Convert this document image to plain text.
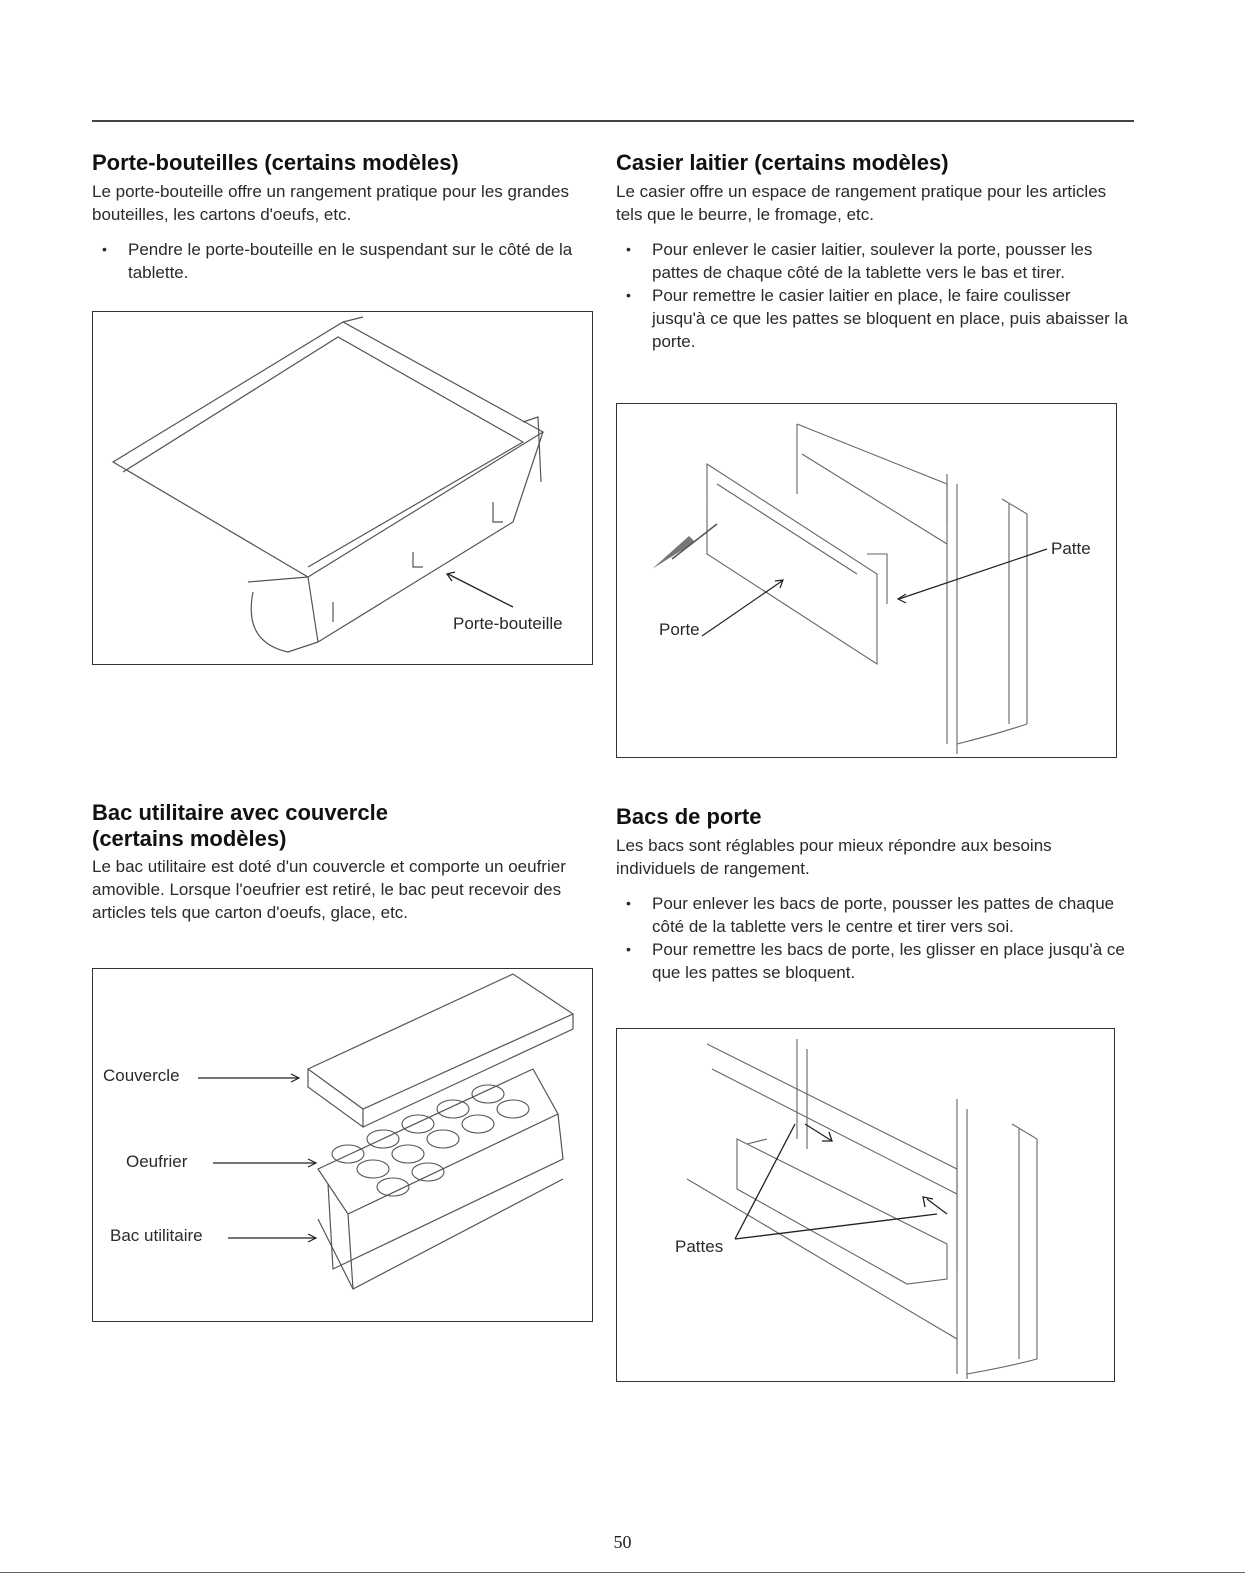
Porte-bouteilles (certains modèles)

Le porte-bouteille offre un rangement pratique pour les grandes bouteilles, les cartons d'oeufs, etc.

• Pendre le porte-bouteille en le suspendant sur le côté de la tablette.
Porte-bouteille
Casier laitier (certains modèles)

Le casier offre un espace de rangement pratique pour les articles tels que le beurre, le fromage, etc.

• Pour enlever le casier laitier, soulever la porte, pousser les pattes de chaque côté de la tablette vers le bas et tirer.
• Pour remettre le casier laitier en place, le faire coulisser jusqu'à ce que les pattes se bloquent en place, puis abaisser la porte.
Patte
Porte
Bac utilitaire avec couvercle
(certains modèles)

Le bac utilitaire est doté d'un couvercle et comporte un oeufrier amovible. Lorsque l'oeufrier est retiré, le bac peut recevoir des articles tels que carton d'oeufs, glace, etc.

Couvercle
Oeufrier
Bac utilitaire
Bacs de porte

Les bacs sont réglables pour mieux répondre aux besoins individuels de rangement.

• Pour enlever les bacs de porte, pousser les pattes de chaque côté de la tablette vers le centre et tirer vers soi.
• Pour remettre les bacs de porte, les glisser en place jusqu'à ce que les pattes se bloquent.
Pattes
50
